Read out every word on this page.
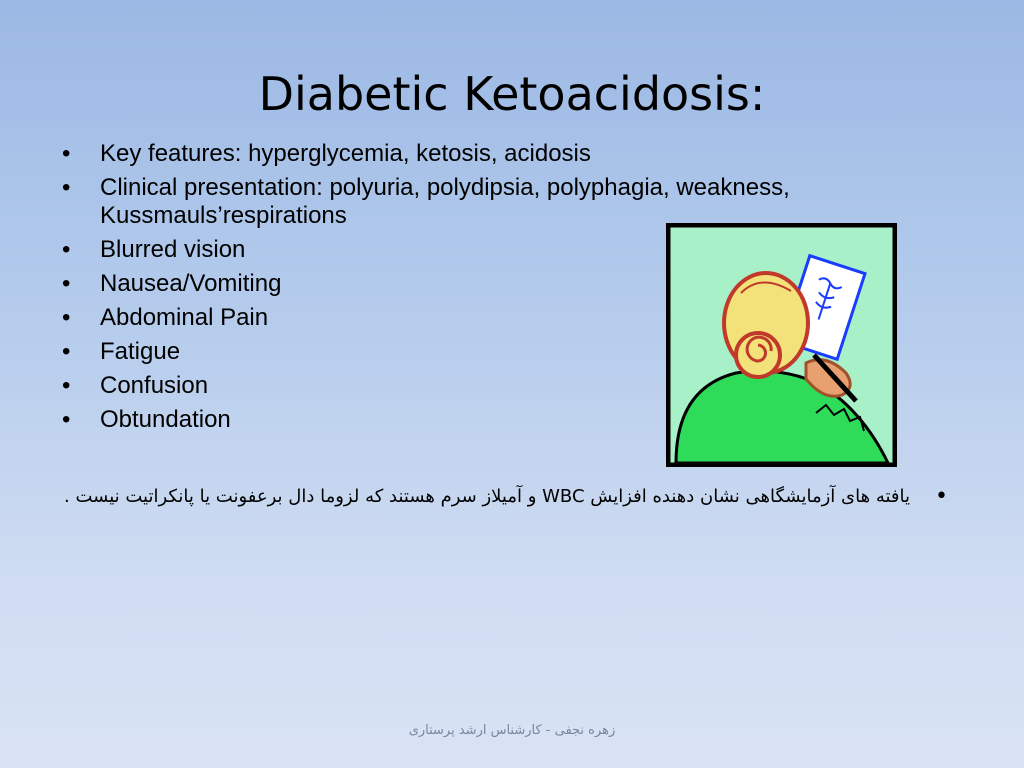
Diabetic Ketoacidosis:
• Key features: hyperglycemia, ketosis, acidosis
• Clinical presentation: polyuria, polydipsia, polyphagia, weakness, Kussmauls’respirations
• Blurred vision
• Nausea/Vomiting
• Abdominal Pain
• Fatigue
• Confusion
• Obtundation
•
یافته های آزمایشگاهی نشان دهنده افزایش WBC و آمیلاز سرم هستند که لزوما دال برعفونت یا پانکراتیت نیست .
زهره نجفی - کارشناس ارشد پرستاری
